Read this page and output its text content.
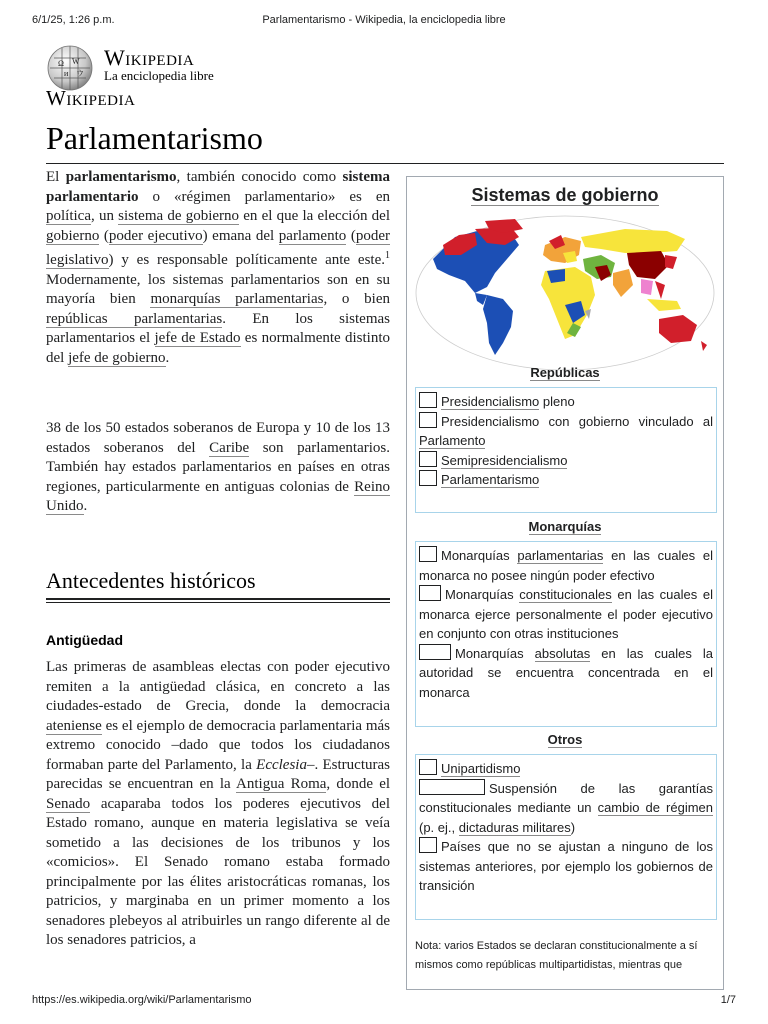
6/1/25, 1:26 p.m.	Parlamentarismo - Wikipedia, la enciclopedia libre
Ω W
и ウ
Wikipedia
La enciclopedia libre
Wikipedia
Parlamentarismo
El parlamentarismo, también conocido como sistema parlamentario o «régimen parlamentario» es en política, un sistema de gobierno en el que la elección del gobierno (poder ejecutivo) emana del parlamento (poder legislativo) y es responsable políticamente ante este.$^1$ Modernamente, los sistemas parlamentarios son en su mayoría bien monarquías parlamentarias, o bien repúblicas parlamentarias. En los sistemas parlamentarios el jefe de Estado es normalmente distinto del jefe de gobierno.
38 de los 50 estados soberanos de Europa y 10 de los 13 estados soberanos del Caribe son parlamentarios. También hay estados parlamentarios en países en otras regiones, particularmente en antiguas colonias de Reino Unido.
Antecedentes históricos
Antigüedad
Las primeras de asambleas electas con poder ejecutivo remiten a la antigüedad clásica, en concreto a las ciudades-estado de Grecia, donde la democracia ateniense es el ejemplo de democracia parlamentaria más extremo conocido –dado que todos los ciudadanos formaban parte del Parlamento, la Ecclesia–. Estructuras parecidas se encuentran en la Antigua Roma, donde el Senado acaparaba todos los poderes ejecutivos del Estado romano, aunque en materia legislativa se veía sometido a las decisiones de los tribunos y los «comicios». El Senado romano estaba formado principalmente por las élites aristocráticas romanas, los patricios, y marginaba en un primer momento a los senadores plebeyos al atribuirles un rango diferente al de los senadores patricios, a
Sistemas de gobierno
Repúblicas
Presidencialismo pleno
Presidencialismo con gobierno vinculado al Parlamento
Semipresidencialismo
Parlamentarismo
Monarquías
Monarquías parlamentarias en las cuales el monarca no posee ningún poder efectivo
Monarquías constitucionales en las cuales el monarca ejerce personalmente el poder ejecutivo en conjunto con otras instituciones
Monarquías absolutas en las cuales la autoridad se encuentra concentrada en el monarca
Otros
Unipartidismo
Suspensión de las garantías constitucionales mediante un cambio de régimen (p. ej., dictaduras militares)
Países que no se ajustan a ninguno de los sistemas anteriores, por ejemplo los gobiernos de transición
Nota: varios Estados se declaran constitucionalmente a sí mismos como repúblicas multipartidistas, mientras que
https://es.wikipedia.org/wiki/Parlamentarismo	1/7
